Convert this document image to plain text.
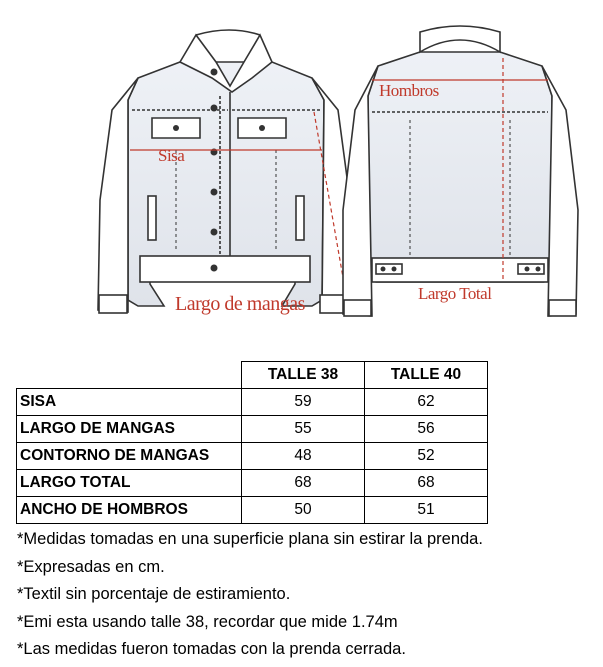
Sisa
Largo de mangas
Hombros
Largo Total
	TALLE 38	TALLE 40
SISA	59	62
LARGO DE MANGAS	55	56
CONTORNO DE MANGAS	48	52
LARGO TOTAL	68	68
ANCHO DE HOMBROS	50	51
*Medidas tomadas en una superficie plana sin estirar la prenda.
*Expresadas en cm.
*Textil sin porcentaje de estiramiento.
*Emi esta usando talle 38, recordar que mide 1.74m
*Las medidas fueron tomadas con la prenda cerrada.
